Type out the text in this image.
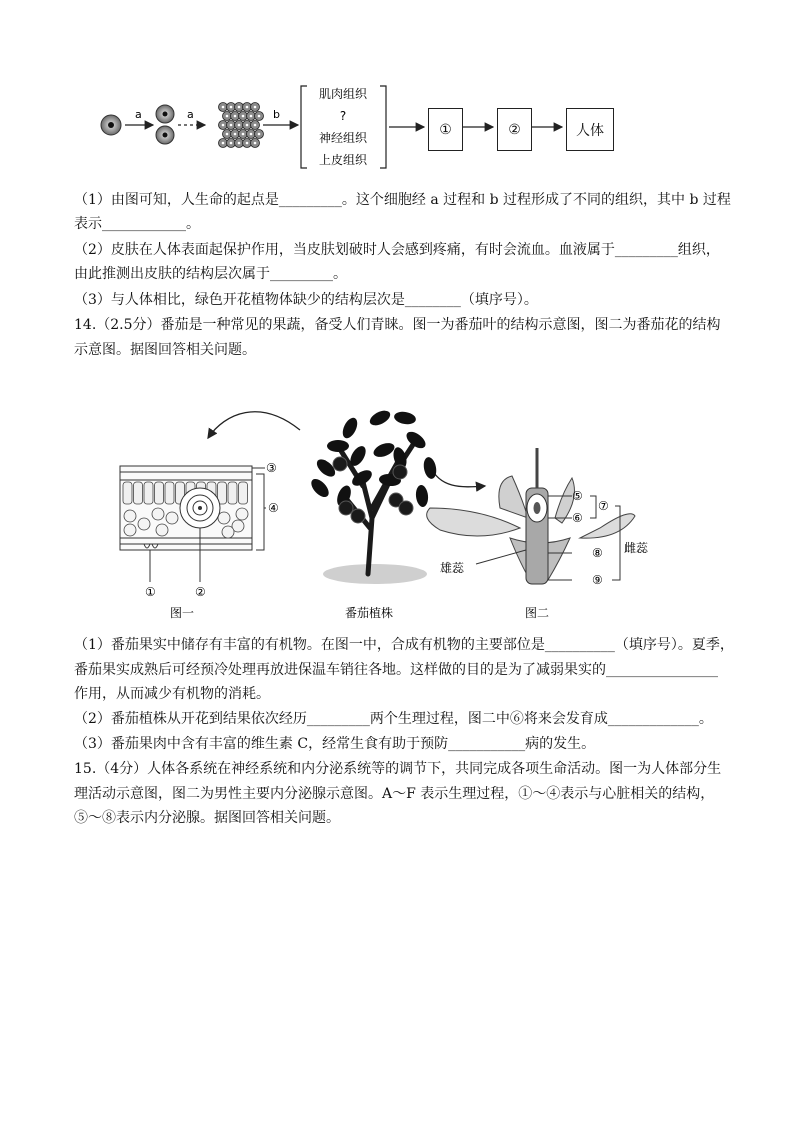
a	a	b
肌肉组织
?
神经组织
上皮组织
①	②	人体
（1）由图可知，人生命的起点是_________。这个细胞经 a 过程和 b 过程形成了不同的组织，其中 b 过程
表示____________。
（2）皮肤在人体表面起保护作用，当皮肤划破时人会感到疼痛，有时会流血。血液属于_________组织，
由此推测出皮肤的结构层次属于_________。
（3）与人体相比，绿色开花植物体缺少的结构层次是________（填序号）。
14.（2.5分）番茄是一种常见的果蔬，备受人们青睐。图一为番茄叶的结构示意图，图二为番茄花的结构
示意图。据图回答相关问题。
③
④
①	②
图一	番茄植株
⑤
⑦
⑥
⑧
⑨
雌蕊
雄蕊
图二
（1）番茄果实中储存有丰富的有机物。在图一中，合成有机物的主要部位是__________（填序号）。夏季，
番茄果实成熟后可经预冷处理再放进保温车销往各地。这样做的目的是为了减弱果实的________________
作用，从而减少有机物的消耗。
（2）番茄植株从开花到结果依次经历_________两个生理过程，图二中⑥将来会发育成_____________。
（3）番茄果肉中含有丰富的维生素 C，经常生食有助于预防___________病的发生。
15.（4分）人体各系统在神经系统和内分泌系统等的调节下，共同完成各项生命活动。图一为人体部分生
理活动示意图，图二为男性主要内分泌腺示意图。A～F 表示生理过程，①～④表示与心脏相关的结构，
⑤～⑧表示内分泌腺。据图回答相关问题。
